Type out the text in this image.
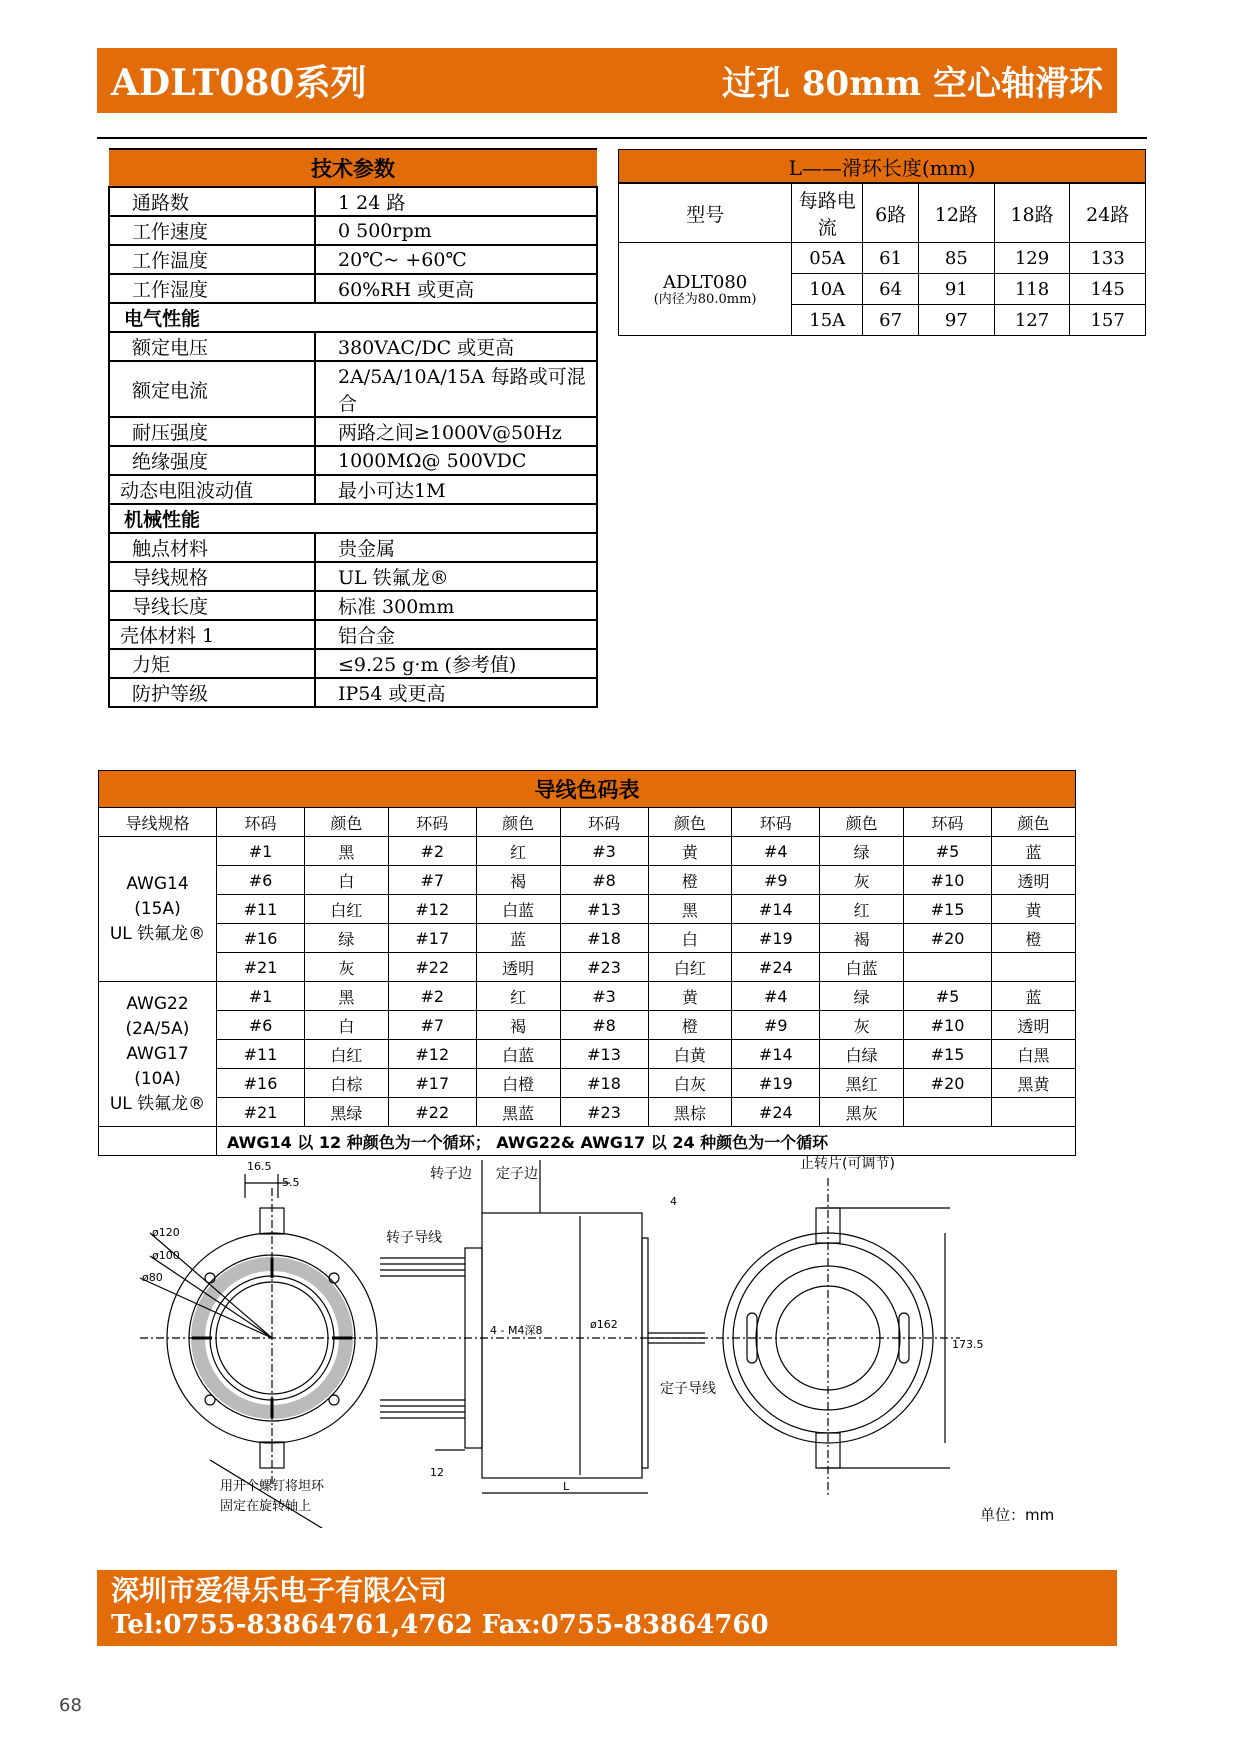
ADLT080系列	过孔 80mm 空心轴滑环
技术参数	
通路数	1 24 路
工作速度	0 500rpm
工作温度	20℃~ +60℃
工作湿度	60%RH 或更高
电气性能	
额定电压	380VAC/DC 或更高
额定电流	2A/5A/10A/15A 每路或可混合
耐压强度	两路之间≥1000V@50Hz
绝缘强度	1000MΩ@ 500VDC
动态电阻波动值	最小可达1M
机械性能	
触点材料	贵金属
导线规格	UL 铁氟龙®
导线长度	标准 300mm
壳体材料 1	铝合金
力矩	≤9.25 g·m (参考值)
防护等级	IP54 或更高
L——滑环长度(mm)					
型号	每路电流	6路	12路	18路	24路

ADLT080
(内径为80.0mm)	05A	61	85	129	133
	10A	64	91	118	145
	15A	67	97	127	157
导线色码表										
导线规格	环码	颜色	环码	颜色	环码	颜色	环码	颜色	环码	颜色

AWG14
(15A)
UL 铁氟龙®	#1	黑	#2	红	#3	黄	#4	绿	#5	蓝
	#6	白	#7	褐	#8	橙	#9	灰	#10	透明
	#11	白红	#12	白蓝	#13	黑	#14	红	#15	黄
	#16	绿	#17	蓝	#18	白	#19	褐	#20	橙
	#21	灰	#22	透明	#23	白红	#24	白蓝		

AWG22
(2A/5A)
AWG17
(10A)
UL 铁氟龙®	#1	黑	#2	红	#3	黄	#4	绿	#5	蓝
	#6	白	#7	褐	#8	橙	#9	灰	#10	透明
	#11	白红	#12	白蓝	#13	白黄	#14	白绿	#15	白黑
	#16	白棕	#17	白橙	#18	白灰	#19	黑红	#20	黑黄
	#21	黑绿	#22	黑蓝	#23	黑棕	#24	黑灰		
	AWG14 以 12 种颜色为一个循环； AWG22& AWG17 以 24 种颜色为一个循环									
ø120
ø100
ø80
16.5
5.5
转子边 定子边
转子导线
4 - M4深8	ø162
12
L
4
定子导线
止转片(可调节)
173.5
用开个螺钉将坦环
固定在旋转轴上	单位：mm
深圳市爱得乐电子有限公司
Tel:0755-83864761,4762 Fax:0755-83864760
68
